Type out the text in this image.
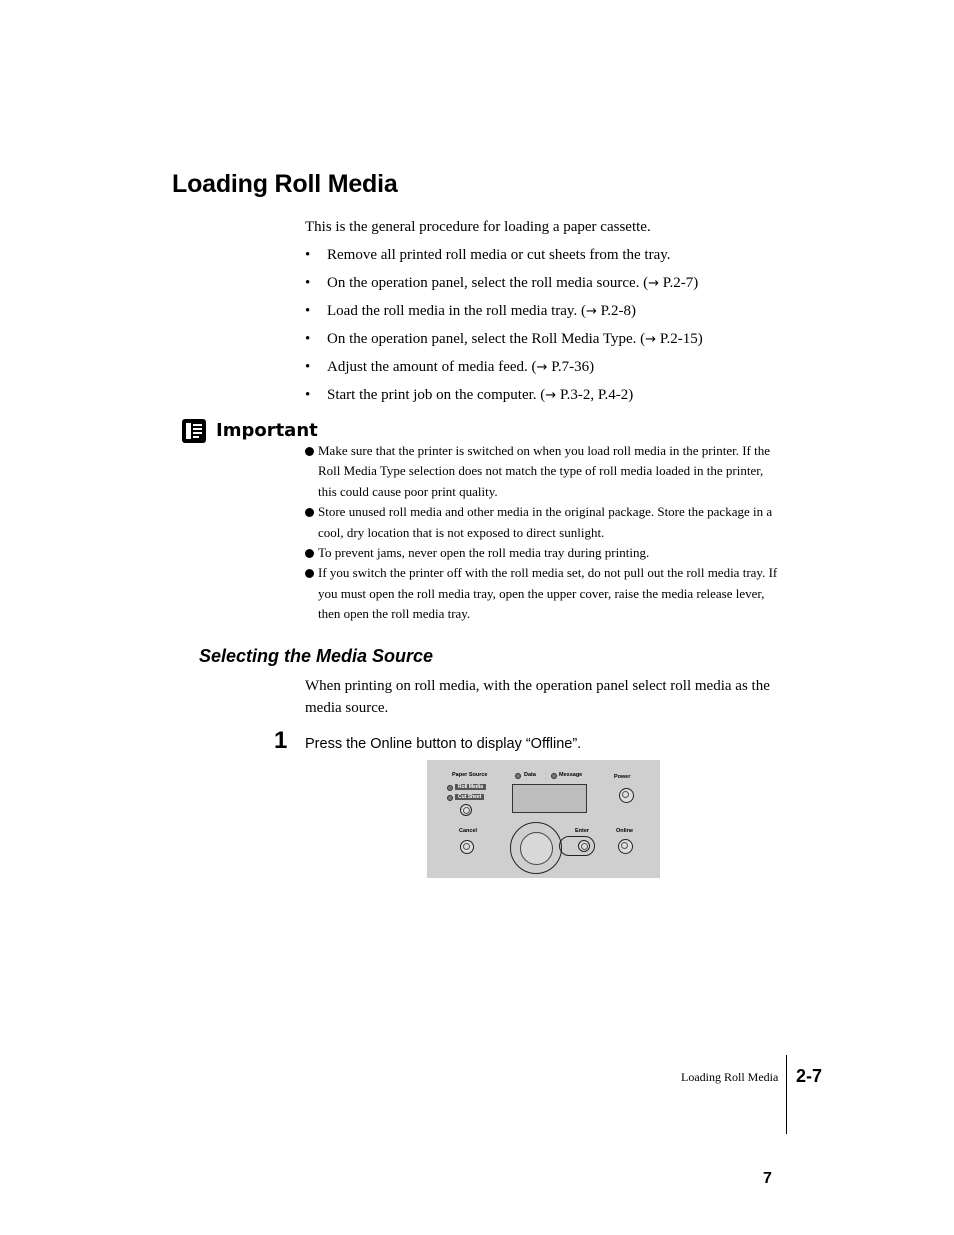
Loading Roll Media
This is the general procedure for loading a paper cassette.
• Remove all printed roll media or cut sheets from the tray.
• On the operation panel, select the roll media source. (→ P.2-7)
• Load the roll media in the roll media tray. (→ P.2-8)
• On the operation panel, select the Roll Media Type. (→ P.2-15)
• Adjust the amount of media feed. (→ P.7-36)
• Start the print job on the computer. (→ P.3-2, P.4-2)
Important
Make sure that the printer is switched on when you load roll media in the printer. If the Roll Media Type selection does not match the type of roll media loaded in the printer, this could cause poor print quality.
Store unused roll media and other media in the original package. Store the package in a cool, dry location that is not exposed to direct sunlight.
To prevent jams, never open the roll media tray during printing.
If you switch the printer off with the roll media set, do not pull out the roll media tray. If you must open the roll media tray, open the upper cover, raise the media release lever, then open the roll media tray.
Selecting the Media Source
When printing on roll media, with the operation panel select roll media as the media source.
1 Press the Online button to display “Offline”.
Paper Source
Roll Media
Cut Sheet
Data	Message	Power
Cancel	Enter	Online
Loading Roll Media 2-7
7
